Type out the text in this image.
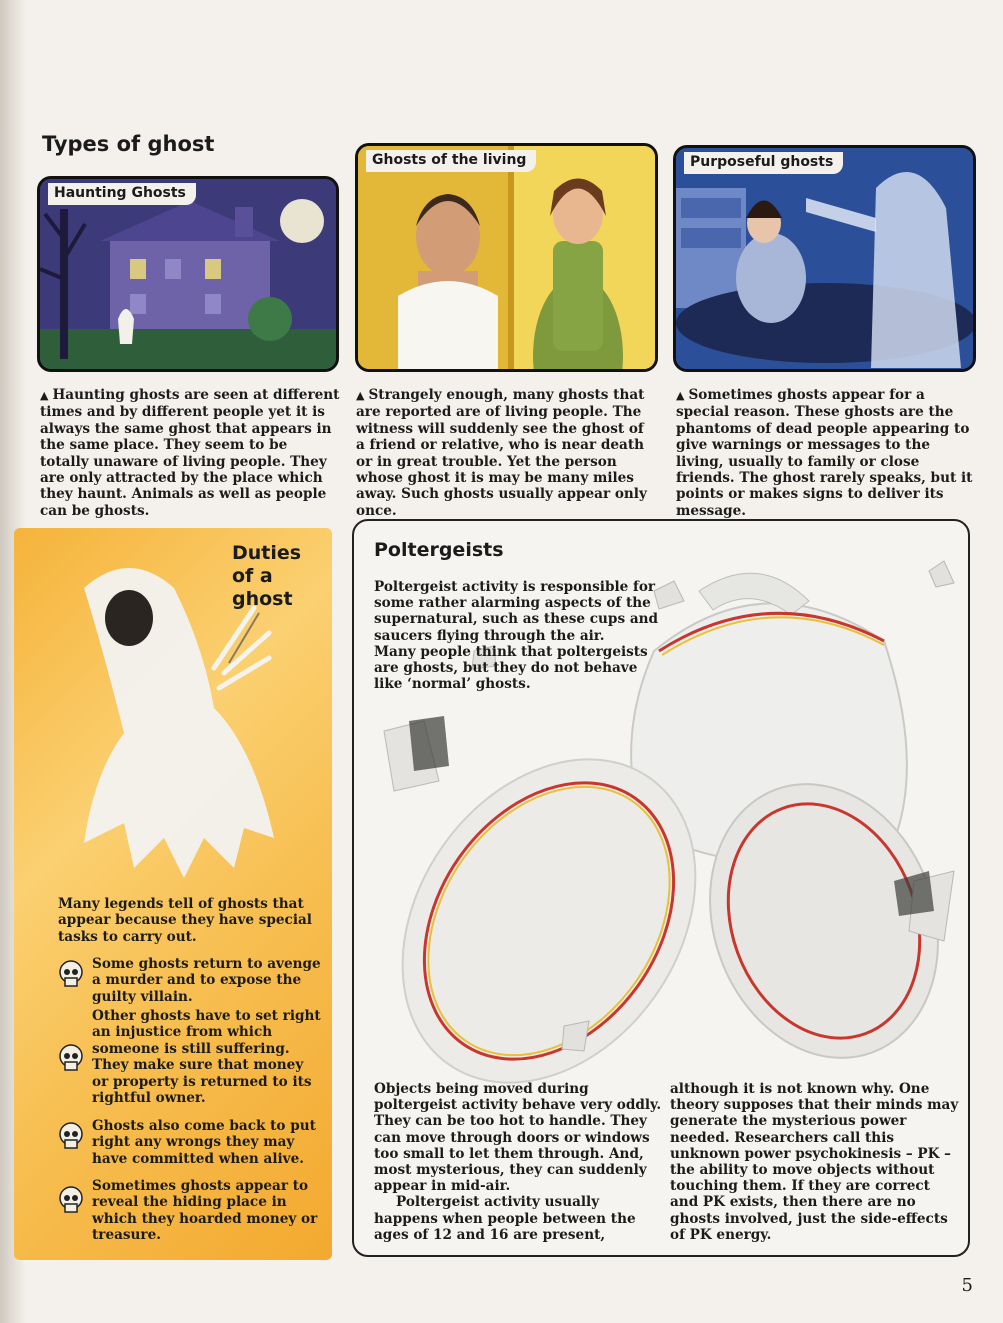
Types of ghost
Haunting Ghosts
Ghosts of the living	Purposeful ghosts

▲ Haunting ghosts are seen at different times and by different people yet it is always the same ghost that appears in the same place. They seem to be totally unaware of living people. They are only attracted by the place which they haunt. Animals as well as people can be ghosts.

▲ Strangely enough, many ghosts that are reported are of living people. The witness will suddenly see the ghost of a friend or relative, who is near death or in great trouble. Yet the person whose ghost it is may be many miles away. Such ghosts usually appear only once.

▲ Sometimes ghosts appear for a special reason. These ghosts are the phantoms of dead people appearing to give warnings or messages to the living, usually to family or close friends. The ghost rarely speaks, but it points or makes signs to deliver its message.

Duties
of a
ghost

Many legends tell of ghosts that appear because they have special tasks to carry out.

Some ghosts return to avenge a murder and to expose the guilty villain.

Other ghosts have to set right an injustice from which someone is still suffering. They make sure that money or property is returned to its rightful owner.

Ghosts also come back to put right any wrongs they may have committed when alive.

Sometimes ghosts appear to reveal the hiding place in which they hoarded money or treasure.

Poltergeists

Poltergeist activity is responsible for some rather alarming aspects of the supernatural, such as these cups and saucers flying through the air.
Many people think that poltergeists are ghosts, but they do not behave like ‘normal’ ghosts.

Objects being moved during poltergeist activity behave very oddly. They can be too hot to handle. They can move through doors or windows too small to let them through. And, most mysterious, they can suddenly appear in mid-air.
Poltergeist activity usually happens when people between the ages of 12 and 16 are present,

although it is not known why. One theory supposes that their minds may generate the mysterious power needed. Researchers call this unknown power psychokinesis – PK – the ability to move objects without touching them. If they are correct and PK exists, then there are no ghosts involved, just the side-effects of PK energy.

5
